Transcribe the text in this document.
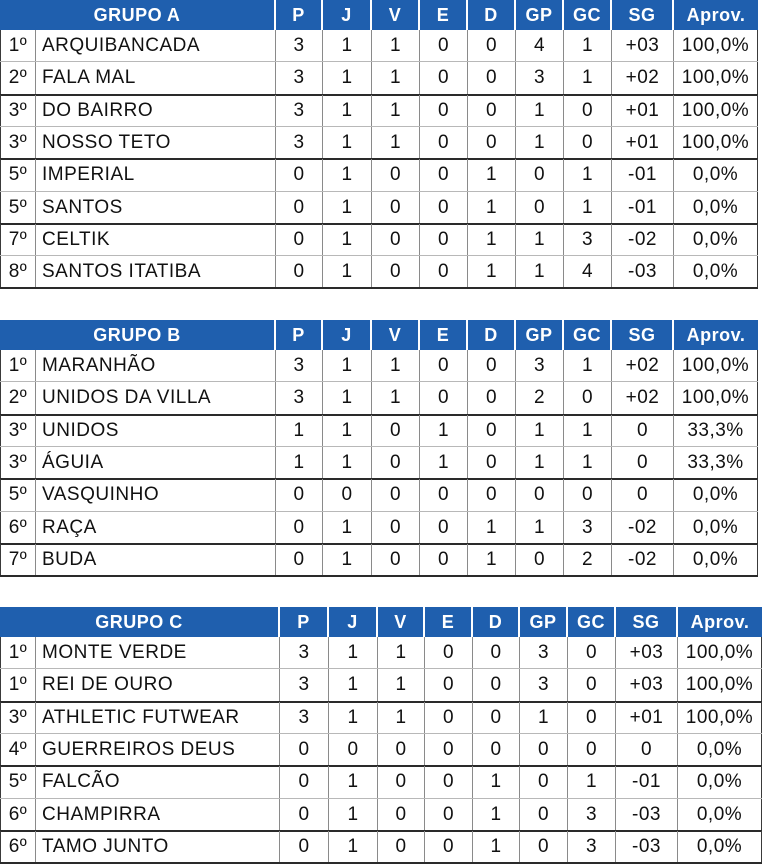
GRUPO A	P	J	V	E	D	GP	GC	SG	Aprov.
1º ARQUIBANCADA	3	1	1	0	0	4	1	+03	100,0%
2º FALA MAL	3	1	1	0	0	3	1	+02	100,0%
3º DO BAIRRO	3	1	1	0	0	1	0	+01	100,0%
3º NOSSO TETO	3	1	1	0	0	1	0	+01	100,0%
5º IMPERIAL	0	1	0	0	1	0	1	-01	0,0%
5º SANTOS	0	1	0	0	1	0	1	-01	0,0%
7º CELTIK	0	1	0	0	1	1	3	-02	0,0%
8º SANTOS ITATIBA	0	1	0	0	1	1	4	-03	0,0%
GRUPO B	P	J	V	E	D	GP	GC	SG	Aprov.
1º MARANHÃO	3	1	1	0	0	3	1	+02	100,0%
2º UNIDOS DA VILLA	3	1	1	0	0	2	0	+02	100,0%
3º UNIDOS	1	1	0	1	0	1	1	0	33,3%
3º ÁGUIA	1	1	0	1	0	1	1	0	33,3%
5º VASQUINHO	0	0	0	0	0	0	0	0	0,0%
6º RAÇA	0	1	0	0	1	1	3	-02	0,0%
7º BUDA	0	1	0	0	1	0	2	-02	0,0%
GRUPO C	P	J	V	E	D	GP	GC	SG	Aprov.
1º MONTE VERDE	3	1	1	0	0	3	0	+03	100,0%
1º REI DE OURO	3	1	1	0	0	3	0	+03	100,0%
3º ATHLETIC FUTWEAR	3	1	1	0	0	1	0	+01	100,0%
4º GUERREIROS DEUS	0	0	0	0	0	0	0	0	0,0%
5º FALCÃO	0	1	0	0	1	0	1	-01	0,0%
6º CHAMPIRRA	0	1	0	0	1	0	3	-03	0,0%
6º TAMO JUNTO	0	1	0	0	1	0	3	-03	0,0%
